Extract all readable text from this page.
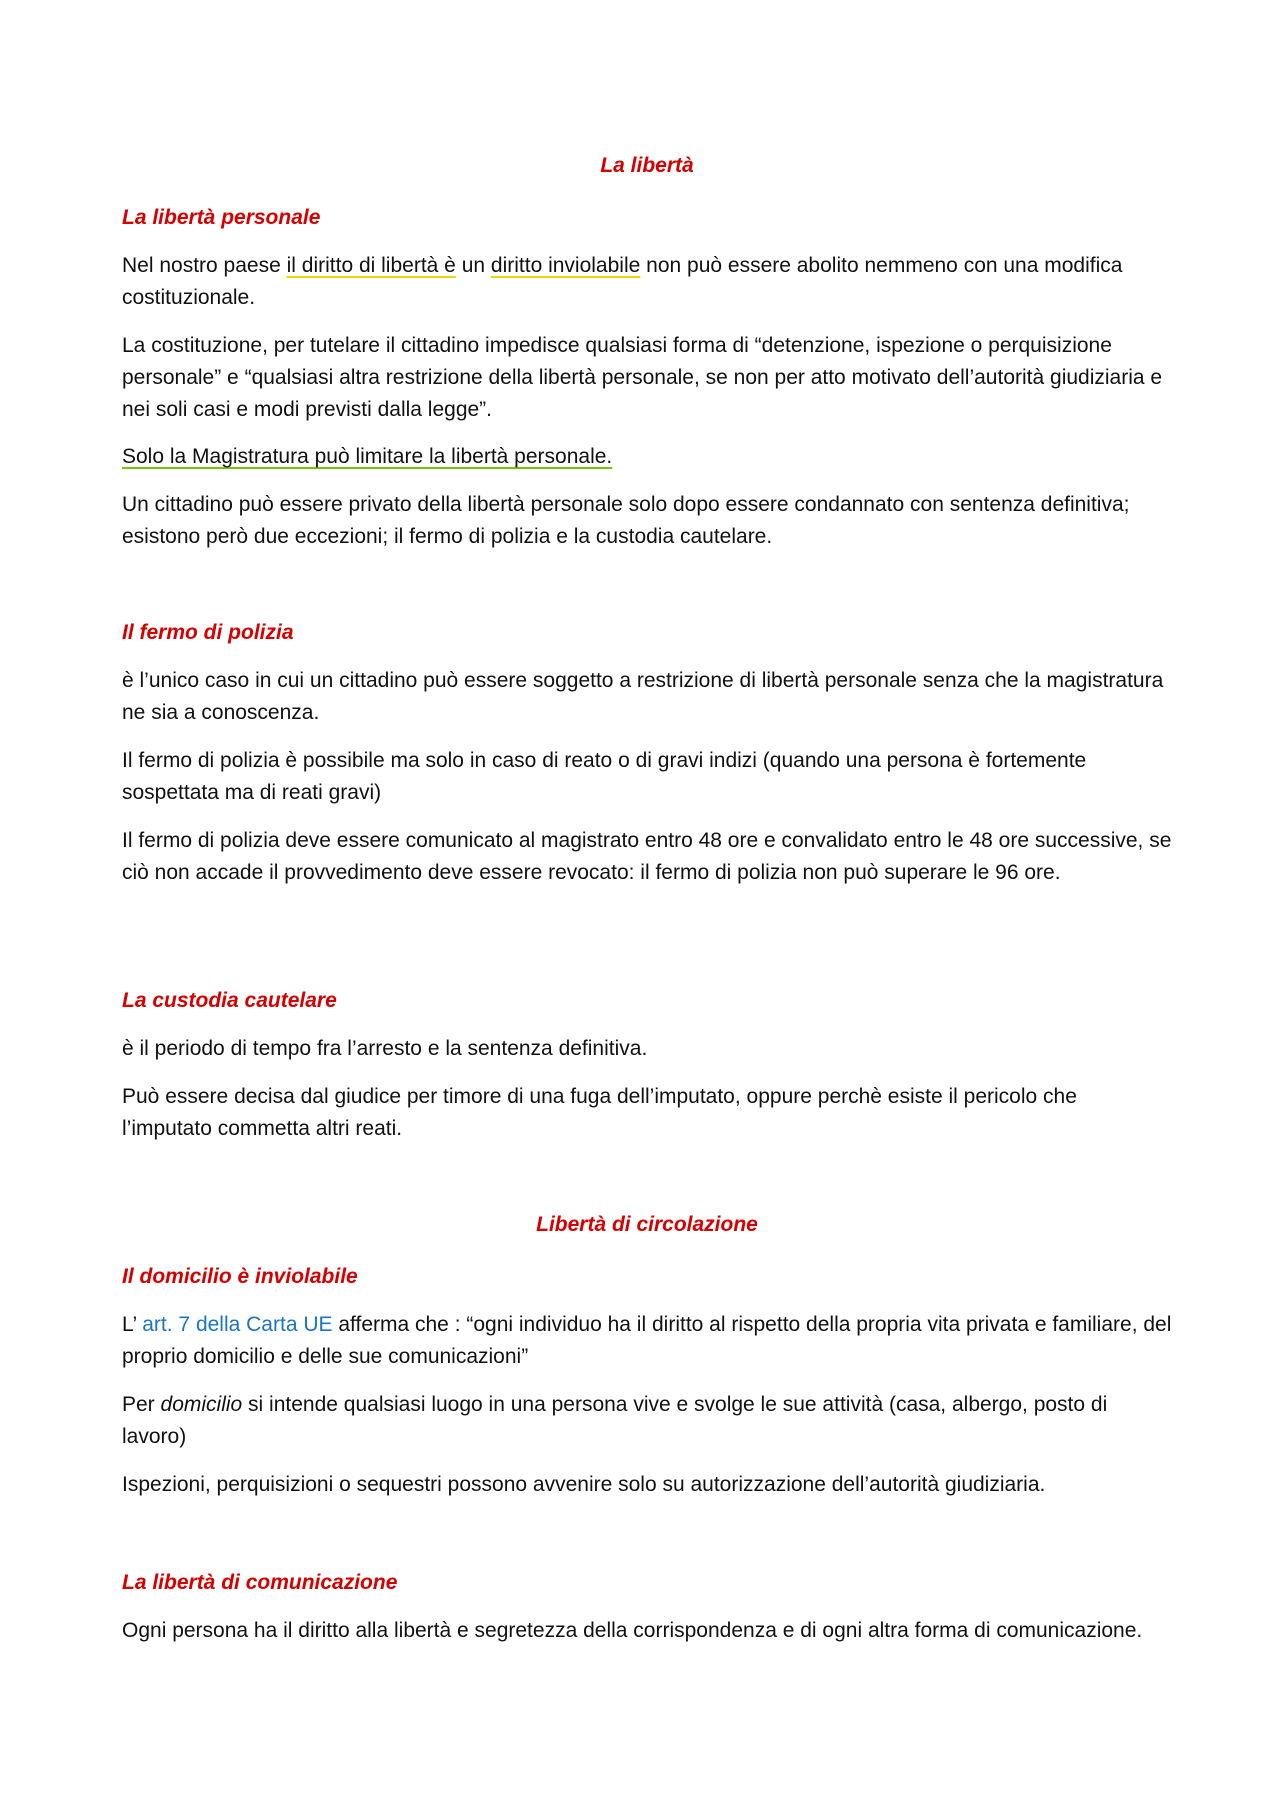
La libertà
La libertà personale

Nel nostro paese il diritto di libertà è un diritto inviolabile non può essere abolito nemmeno con una modifica costituzionale.

La costituzione, per tutelare il cittadino impedisce qualsiasi forma di “detenzione, ispezione o perquisizione personale” e “qualsiasi altra restrizione della libertà personale, se non per atto motivato dell’autorità giudiziaria e nei soli casi e modi previsti dalla legge”.

Solo la Magistratura può limitare la libertà personale.

Un cittadino può essere privato della libertà personale solo dopo essere condannato con sentenza definitiva; esistono però due eccezioni; il fermo di polizia e la custodia cautelare.

Il fermo di polizia

è l’unico caso in cui un cittadino può essere soggetto a restrizione di libertà personale senza che la magistratura ne sia a conoscenza.

Il fermo di polizia è possibile ma solo in caso di reato o di gravi indizi (quando una persona è fortemente sospettata ma di reati gravi)

Il fermo di polizia deve essere comunicato al magistrato entro 48 ore e convalidato entro le 48 ore successive, se ciò non accade il provvedimento deve essere revocato: il fermo di polizia non può superare le 96 ore.

La custodia cautelare

è il periodo di tempo fra l’arresto e la sentenza definitiva.

Può essere decisa dal giudice per timore di una fuga dell’imputato, oppure perchè esiste il pericolo che l’imputato commetta altri reati.

Libertà di circolazione
Il domicilio è inviolabile

L’ art. 7 della Carta UE afferma che : “ogni individuo ha il diritto al rispetto della propria vita privata e familiare, del proprio domicilio e delle sue comunicazioni”

Per domicilio si intende qualsiasi luogo in una persona vive e svolge le sue attività (casa, albergo, posto di lavoro)

Ispezioni, perquisizioni o sequestri possono avvenire solo su autorizzazione dell’autorità giudiziaria.

La libertà di comunicazione

Ogni persona ha il diritto alla libertà e segretezza della corrispondenza e di ogni altra forma di comunicazione.
